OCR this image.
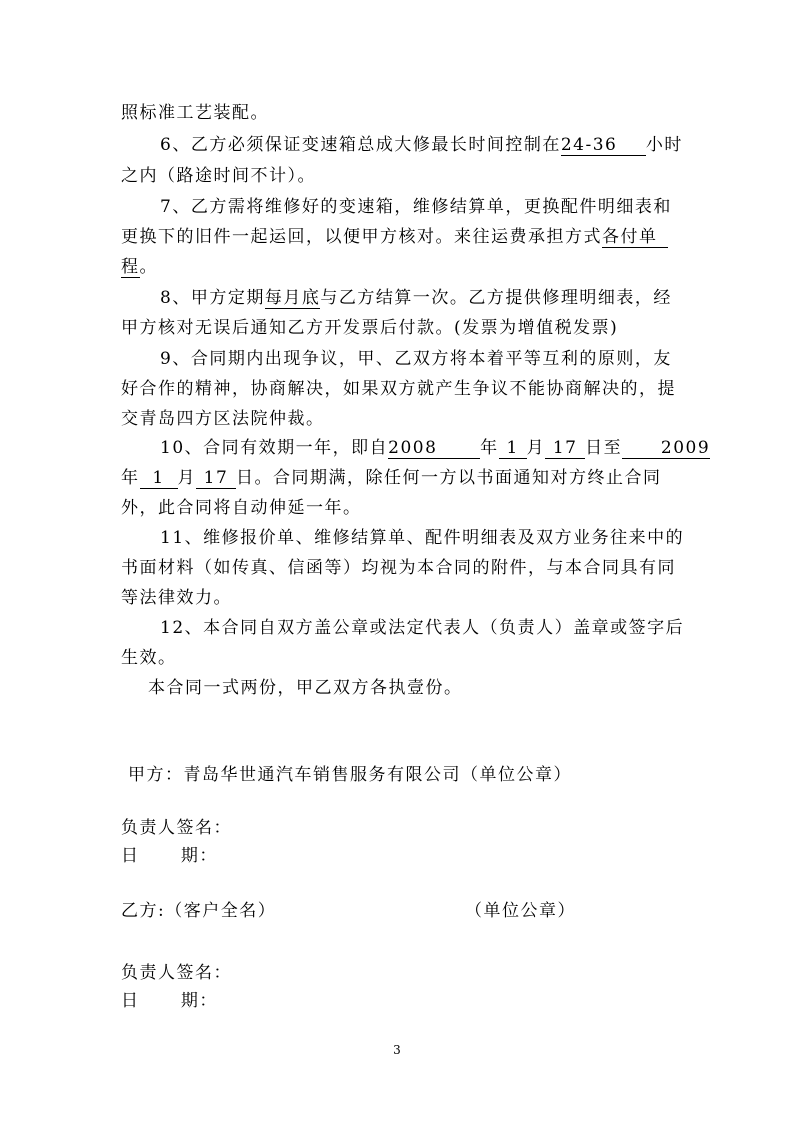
照标准工艺装配。
6、乙方必须保证变速箱总成大修最长时间控制在24-36小时
之内（路途时间不计）。
7、乙方需将维修好的变速箱，维修结算单，更换配件明细表和
更换下的旧件一起运回，以便甲方核对。来往运费承担方式各付单
程。
8、甲方定期每月底与乙方结算一次。乙方提供修理明细表，经
甲方核对无误后通知乙方开发票后付款。(发票为增值税发票)
9、合同期内出现争议，甲、乙双方将本着平等互利的原则，友
好合作的精神，协商解决，如果双方就产生争议不能协商解决的，提
交青岛四方区法院仲裁。
10、合同有效期一年，即自2008	年1月17日至 2009
年1月17日。合同期满，除任何一方以书面通知对方终止合同
外，此合同将自动伸延一年。
11、维修报价单、维修结算单、配件明细表及双方业务往来中的
书面材料（如传真、信函等）均视为本合同的附件，与本合同具有同
等法律效力。
12、本合同自双方盖公章或法定代表人（负责人）盖章或签字后
生效。
本合同一式两份，甲乙双方各执壹份。
甲方：青岛华世通汽车销售服务有限公司（单位公章）
负责人签名：
日      期：
乙方:（客户全名）	（单位公章）
负责人签名：
日      期：
3
